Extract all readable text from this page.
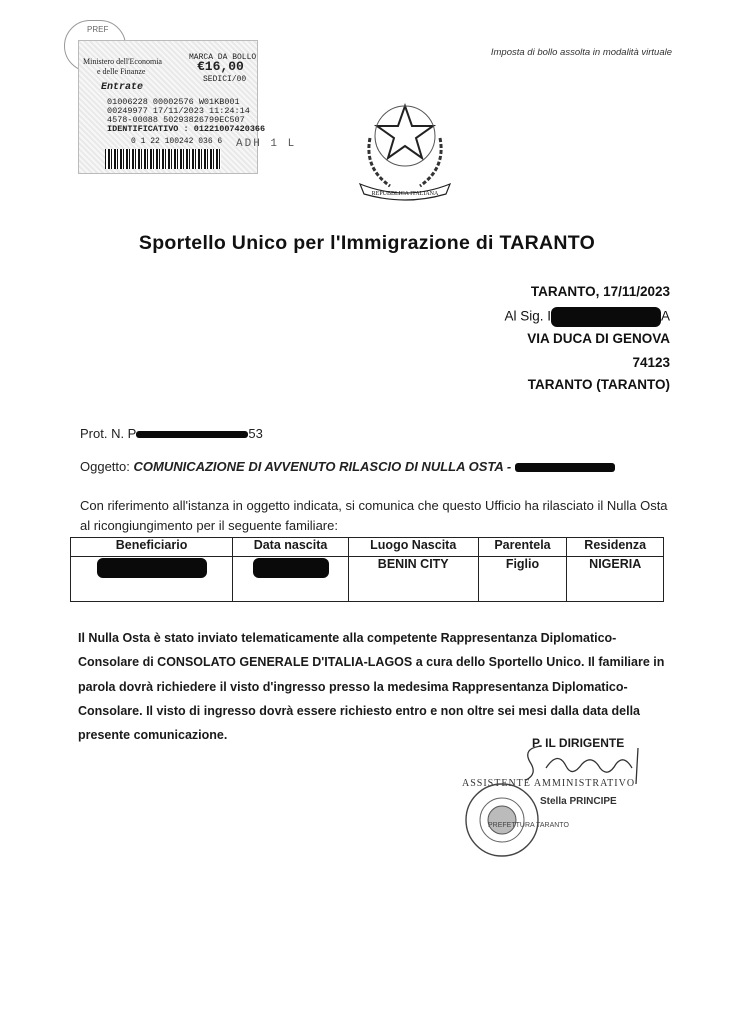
PREF
Ministero dell'Economia
e delle Finanze
MARCA DA BOLLO
€16,00
SEDICI/00
Entrate
01006228 00002576 W01KB001
00249977 17/11/2023 11:24:14
4578-00088 50293826799EC507
IDENTIFICATIVO : 01221007420366
0 1 22 100242 036 6 ADH 1 L
Imposta di bollo assolta in modalità virtuale
REPUBBLICA ITALIANA
Sportello Unico per l'Immigrazione di TARANTO
TARANTO, 17/11/2023
Al Sig. I	A
VIA DUCA DI GENOVA
74123
TARANTO (TARANTO)
Prot. N. P	53
Oggetto: COMUNICAZIONE DI AVVENUTO RILASCIO DI NULLA OSTA -
Con riferimento all'istanza in oggetto indicata, si comunica che questo Ufficio ha rilasciato il Nulla Osta al ricongiungimento per il seguente familiare:
Beneficiario	Data nascita	Luogo Nascita	Parentela	Residenza
		BENIN CITY	Figlio	NIGERIA
Il Nulla Osta è stato inviato telematicamente alla competente Rappresentanza Diplomatico-Consolare di CONSOLATO GENERALE D'ITALIA-LAGOS a cura dello Sportello Unico. Il familiare in parola dovrà richiedere il visto d'ingresso presso la medesima Rappresentanza Diplomatico-Consolare. Il visto di ingresso dovrà essere richiesto entro e non oltre sei mesi dalla data della presente comunicazione.
P. IL DIRIGENTE
ASSISTENTE AMMINISTRATIVO
Stella PRINCIPE
PREFETTURA TARANTO
